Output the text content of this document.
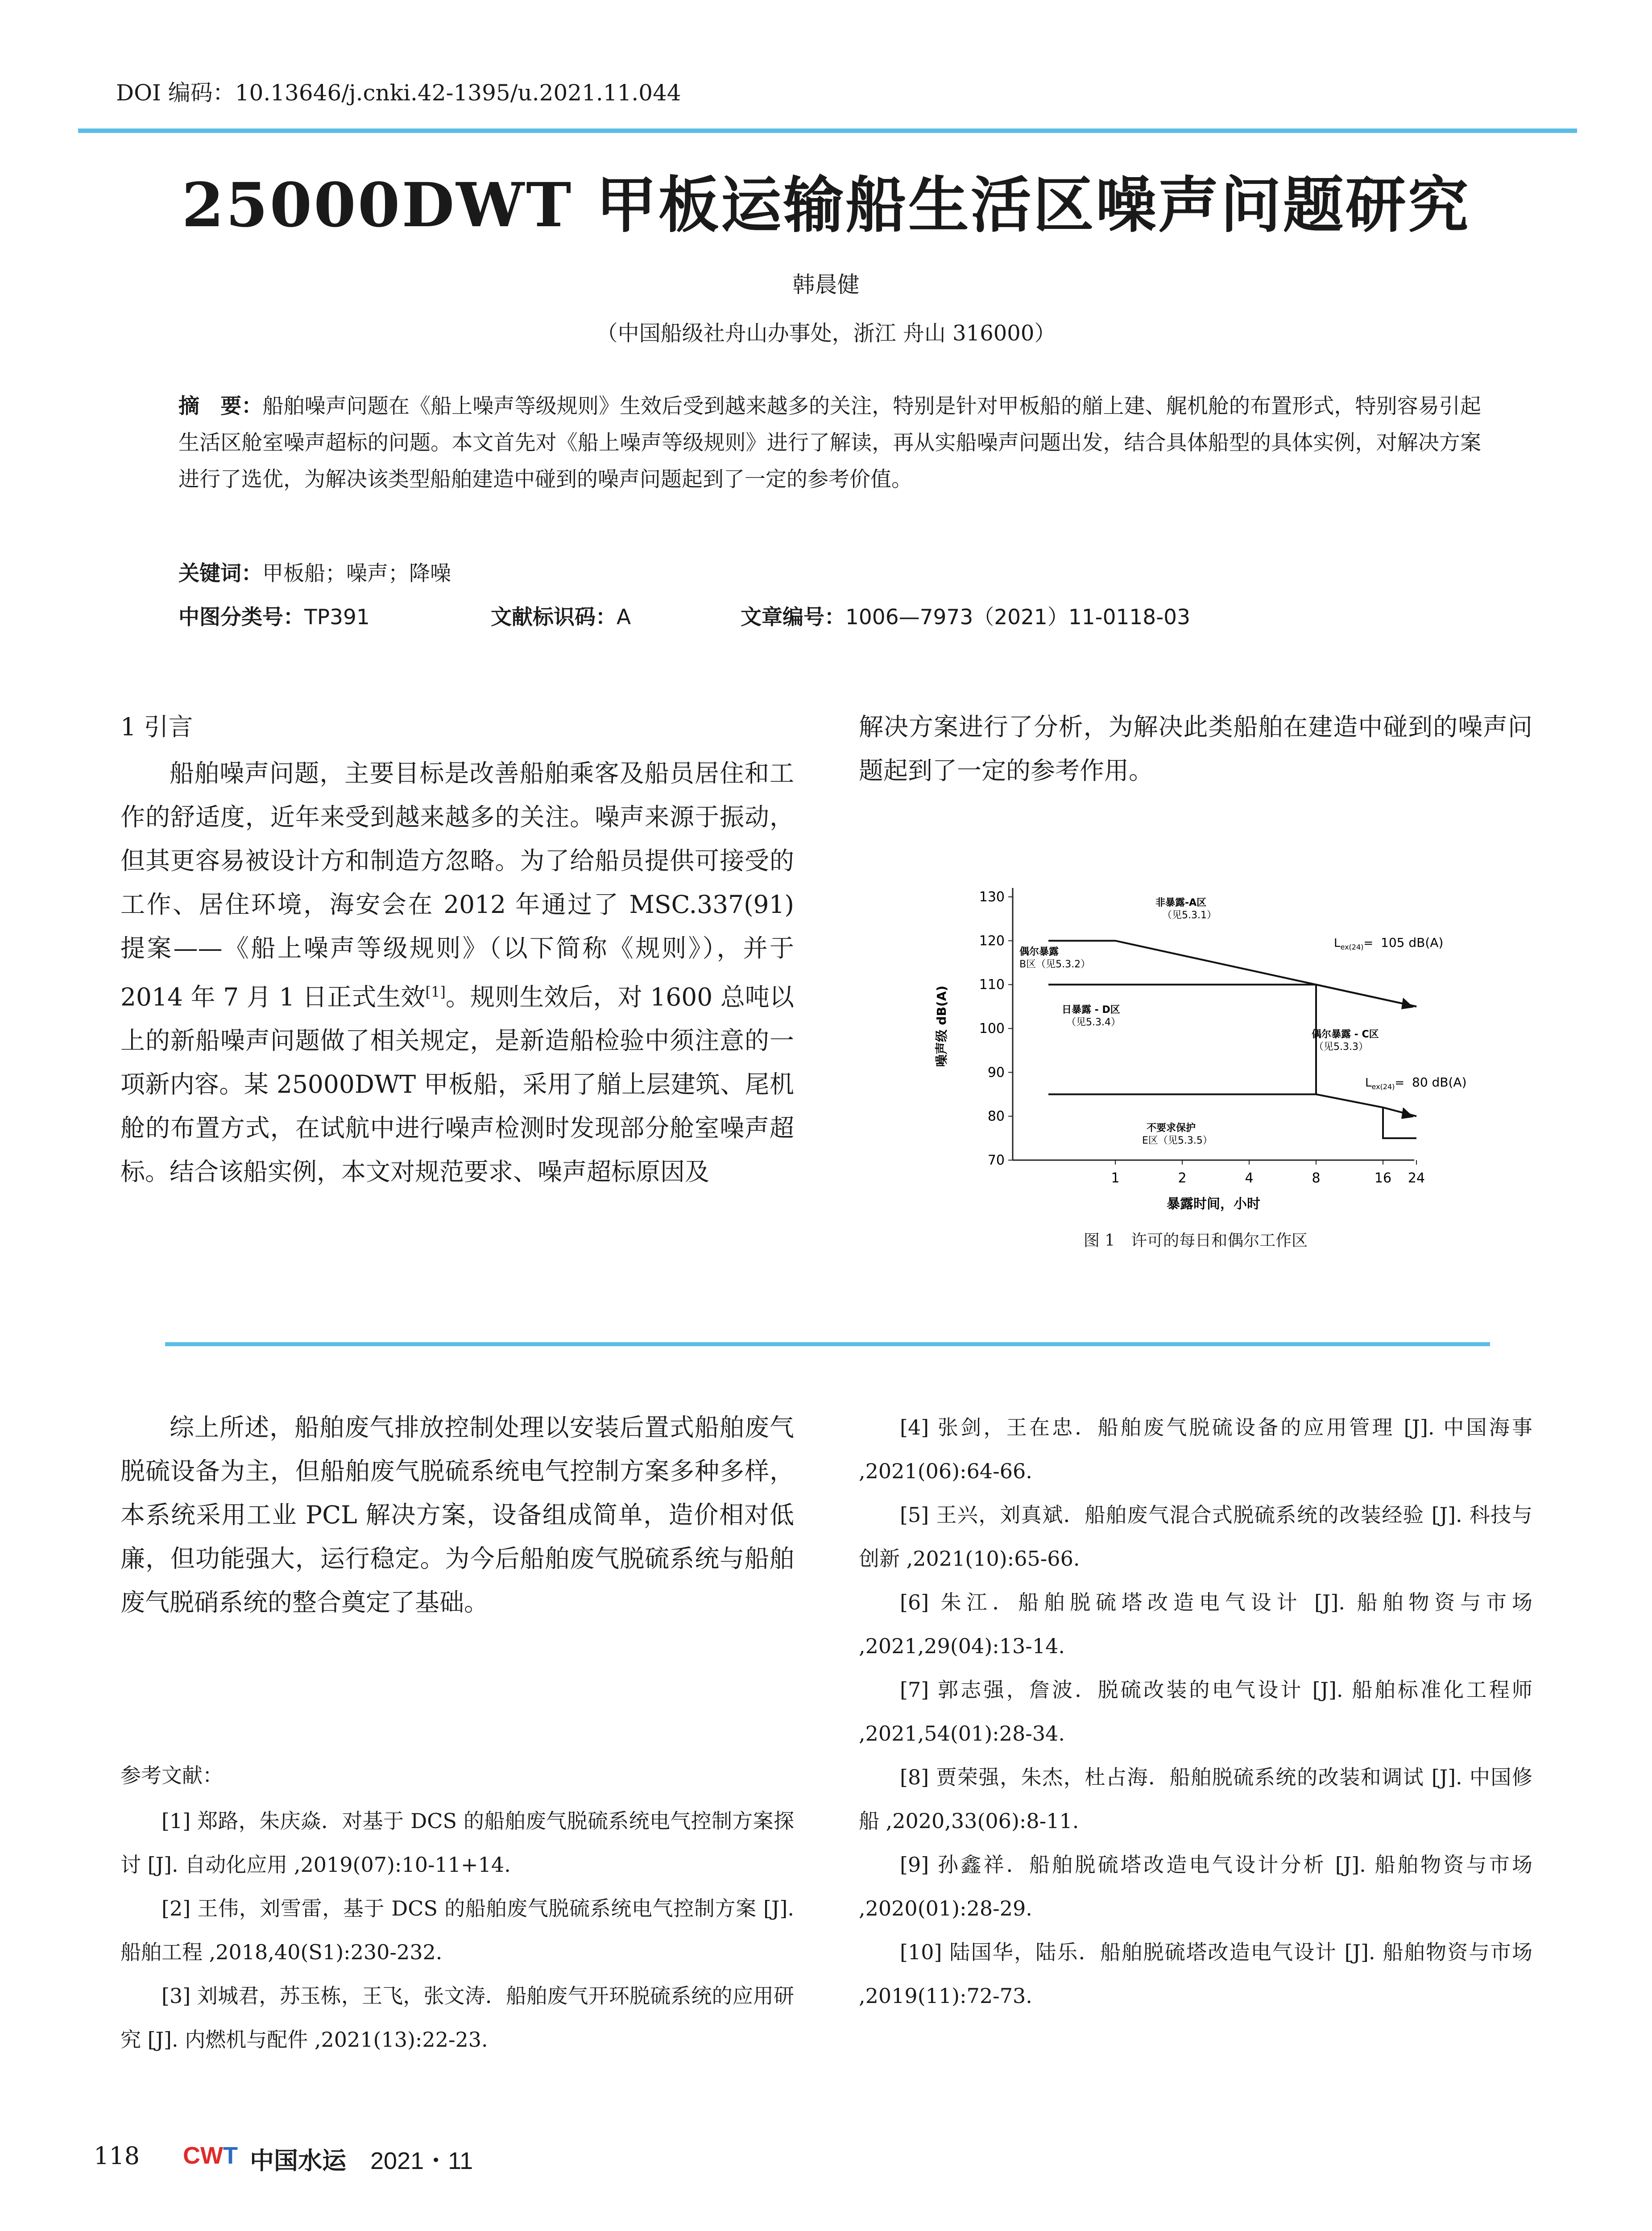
DOI 编码：10.13646/j.cnki.42-1395/u.2021.11.044
25000DWT 甲板运输船生活区噪声问题研究
韩晨健
（中国船级社舟山办事处，浙江 舟山 316000）
摘　要：船舶噪声问题在《船上噪声等级规则》生效后受到越来越多的关注，特别是针对甲板船的艏上建、艉机舱的布置形式，特别容易引起生活区舱室噪声超标的问题。本文首先对《船上噪声等级规则》进行了解读，再从实船噪声问题出发，结合具体船型的具体实例，对解决方案进行了选优，为解决该类型船舶建造中碰到的噪声问题起到了一定的参考价值。
关键词：甲板船；噪声；降噪
中图分类号：TP391	文献标识码：A	文章编号：1006—7973（2021）11-0118-03
1 引言

船舶噪声问题，主要目标是改善船舶乘客及船员居住和工作的舒适度，近年来受到越来越多的关注。噪声来源于振动，但其更容易被设计方和制造方忽略。为了给船员提供可接受的工作、居住环境，海安会在 2012 年通过了 MSC.337(91) 提案——《船上噪声等级规则》（以下简称《规则》），并于 2014 年 7 月 1 日正式生效[1]。规则生效后，对 1600 总吨以上的新船噪声问题做了相关规定，是新造船检验中须注意的一项新内容。某 25000DWT 甲板船，采用了艏上层建筑、尾机舱的布置方式，在试航中进行噪声检测时发现部分舱室噪声超标。结合该船实例，本文对规范要求、噪声超标原因及

解决方案进行了分析，为解决此类船舶在建造中碰到的噪声问题起到了一定的参考作用。

70
80
90
100
110
120
130
1	2	4	8	16 24
噪声级 dB(A)
暴露时间，小时
非暴露-A区
（见5.3.1）
偶尔暴露
B区（见5.3.2）
日暴露 - D区
（见5.3.4）
偶尔暴露 - C区
（见5.3.3）
不要求保护
E区（见5.3.5）
$L_{ex(24)}= 105$ dB(A)
$L_{ex(24)}= 80$ dB(A)
图 1　许可的每日和偶尔工作区

综上所述，船舶废气排放控制处理以安装后置式船舶废气脱硫设备为主，但船舶废气脱硫系统电气控制方案多种多样，本系统采用工业 PCL 解决方案，设备组成简单，造价相对低廉，但功能强大，运行稳定。为今后船舶废气脱硫系统与船舶废气脱硝系统的整合奠定了基础。

参考文献：

[1] 郑路，朱庆焱．对基于 DCS 的船舶废气脱硫系统电气控制方案探讨 [J]. 自动化应用 ,2019(07):10-11+14.

[2] 王伟，刘雪雷，基于 DCS 的船舶废气脱硫系统电气控制方案 [J]. 船舶工程 ,2018,40(S1):230-232.

[3] 刘城君，苏玉栋，王飞，张文涛．船舶废气开环脱硫系统的应用研究 [J]. 内燃机与配件 ,2021(13):22-23.

[4] 张剑，王在忠．船舶废气脱硫设备的应用管理 [J]. 中国海事 ,2021(06):64-66.

[5] 王兴，刘真斌．船舶废气混合式脱硫系统的改装经验 [J]. 科技与创新 ,2021(10):65-66.

[6] 朱江．船舶脱硫塔改造电气设计 [J]. 船舶物资与市场 ,2021,29(04):13-14.

[7] 郭志强，詹波．脱硫改装的电气设计 [J]. 船舶标准化工程师 ,2021,54(01):28-34.

[8] 贾荣强，朱杰，杜占海．船舶脱硫系统的改装和调试 [J]. 中国修船 ,2020,33(06):8-11.

[9] 孙鑫祥．船舶脱硫塔改造电气设计分析 [J]. 船舶物资与市场 ,2020(01):28-29.

[10] 陆国华，陆乐．船舶脱硫塔改造电气设计 [J]. 船舶物资与市场 ,2019(11):72-73.

118 CWT 中国水运 2021・11
